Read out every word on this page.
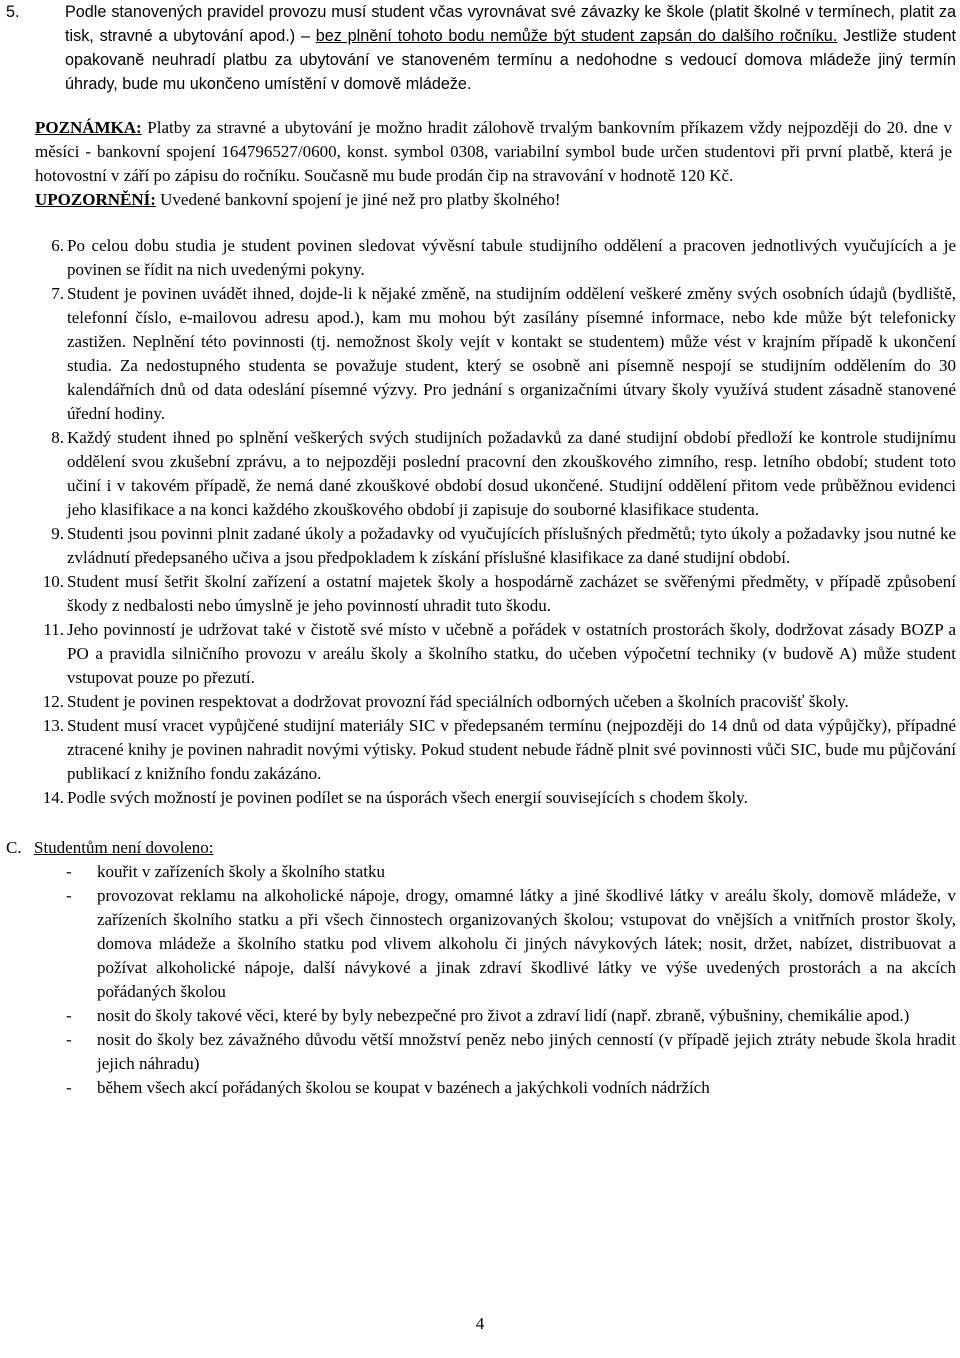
5.	Podle stanovených pravidel provozu musí student včas vyrovnávat své závazky ke škole (platit školné v termínech, platit za tisk, stravné a ubytování apod.) – bez plnění tohoto bodu nemůže být student zapsán do dalšího ročníku. Jestliže student opakovaně neuhradí platbu za ubytování ve stanoveném termínu a nedohodne s vedoucí domova mládeže jiný termín úhrady, bude mu ukončeno umístění v domově mládeže.
POZNÁMKA: Platby za stravné a ubytování je možno hradit zálohově trvalým bankovním příkazem vždy nejpozději do 20. dne v měsíci - bankovní spojení 164796527/0600, konst. symbol 0308, variabilní symbol bude určen studentovi při první platbě, která je hotovostní v září po zápisu do ročníku. Současně mu bude prodán čip na stravování v hodnotě 120 Kč.
UPOZORNĚNÍ: Uvedené bankovní spojení je jiné než pro platby školného!
6. Po celou dobu studia je student povinen sledovat vývěsní tabule studijního oddělení a pracoven jednotlivých vyučujících a je povinen se řídit na nich uvedenými pokyny.
7. Student je povinen uvádět ihned, dojde-li k nějaké změně, na studijním oddělení veškeré změny svých osobních údajů (bydliště, telefonní číslo, e-mailovou adresu apod.), kam mu mohou být zasílány písemné informace, nebo kde může být telefonicky zastižen. Neplnění této povinnosti (tj. nemožnost školy vejít v kontakt se studentem) může vést v krajním případě k ukončení studia. Za nedostupného studenta se považuje student, který se osobně ani písemně nespojí se studijním oddělením do 30 kalendářních dnů od data odeslání písemné výzvy. Pro jednání s organizačními útvary školy využívá student zásadně stanovené úřední hodiny.
8. Každý student ihned po splnění veškerých svých studijních požadavků za dané studijní období předloží ke kontrole studijnímu oddělení svou zkušební zprávu, a to nejpozději poslední pracovní den zkouškového zimního, resp. letního období; student toto učiní i v takovém případě, že nemá dané zkouškové období dosud ukončené. Studijní oddělení přitom vede průběžnou evidenci jeho klasifikace a na konci každého zkouškového období ji zapisuje do souborné klasifikace studenta.
9. Studenti jsou povinni plnit zadané úkoly a požadavky od vyučujících příslušných předmětů; tyto úkoly a požadavky jsou nutné ke zvládnutí předepsaného učiva a jsou předpokladem k získání příslušné klasifikace za dané studijní období.
10. Student musí šetřit školní zařízení a ostatní majetek školy a hospodárně zacházet se svěřenými předměty, v případě způsobení škody z nedbalosti nebo úmyslně je jeho povinností uhradit tuto škodu.
11. Jeho povinností je udržovat také v čistotě své místo v učebně a pořádek v ostatních prostorách školy, dodržovat zásady BOZP a PO a pravidla silničního provozu v areálu školy a školního statku, do učeben výpočetní techniky (v budově A) může student vstupovat pouze po přezutí.
12. Student je povinen respektovat a dodržovat provozní řád speciálních odborných učeben a školních pracovišť školy.
13. Student musí vracet vypůjčené studijní materiály SIC v předepsaném termínu (nejpozději do 14 dnů od data výpůjčky), případné ztracené knihy je povinen nahradit novými výtisky. Pokud student nebude řádně plnit své povinnosti vůči SIC, bude mu půjčování publikací z knižního fondu zakázáno.
14. Podle svých možností je povinen podílet se na úsporách všech energií souvisejících s chodem školy.
C. Studentům není dovoleno:
- kouřit v zařízeních školy a školního statku
- provozovat reklamu na alkoholické nápoje, drogy, omamné látky a jiné škodlivé látky v areálu školy, domově mládeže, v zařízeních školního statku a při všech činnostech organizovaných školou; vstupovat do vnějších a vnitřních prostor školy, domova mládeže a školního statku pod vlivem alkoholu či jiných návykových látek; nosit, držet, nabízet, distribuovat a požívat alkoholické nápoje, další návykové a jinak zdraví škodlivé látky ve výše uvedených prostorách a na akcích pořádaných školou
- nosit do školy takové věci, které by byly nebezpečné pro život a zdraví lidí (např. zbraně, výbušniny, chemikálie apod.)
- nosit do školy bez závažného důvodu větší množství peněz nebo jiných cenností (v případě jejich ztráty nebude škola hradit jejich náhradu)
- během všech akcí pořádaných školou se koupat v bazénech a jakýchkoli vodních nádržích
4
